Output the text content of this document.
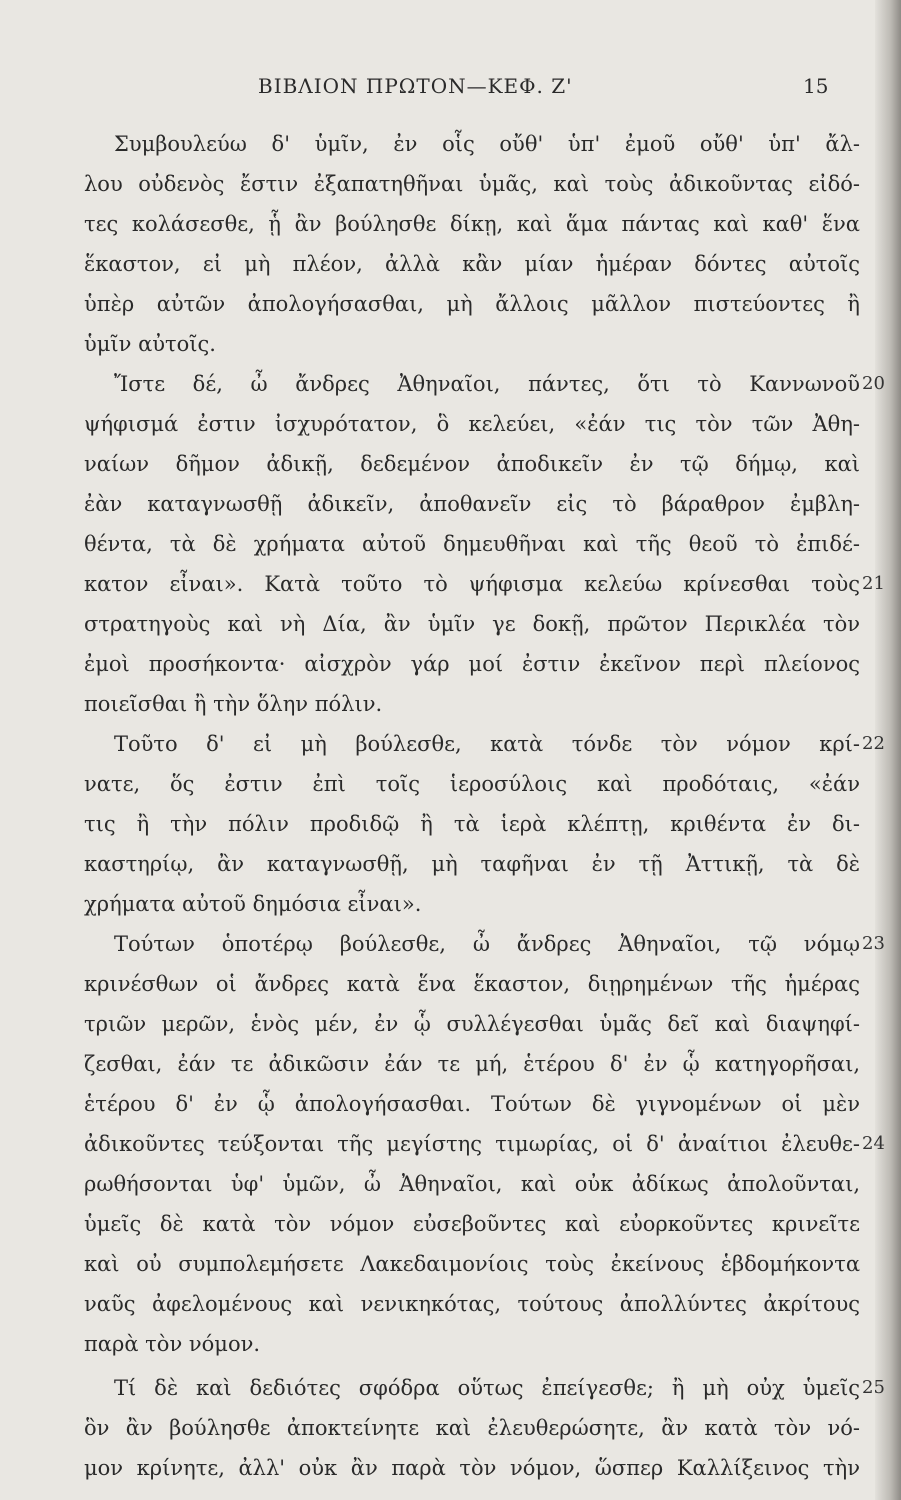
ΒΙΒΛΙΟΝ ΠΡΩΤΟΝ—ΚΕΦ. Ζ'	15
Συμβουλεύω δ' ὑμῖν, ἐν οἷς οὔθ' ὑπ' ἐμοῦ οὔθ' ὑπ' ἄλ-
λου οὐδενὸς ἔστιν ἐξαπατηθῆναι ὑμᾶς, καὶ τοὺς ἀδικοῦντας εἰδό-
τες κολάσεσθε, ᾗ ἂν βούλησθε δίκῃ, καὶ ἅμα πάντας καὶ καθ' ἕνα
ἕκαστον, εἰ μὴ πλέον, ἀλλὰ κἂν μίαν ἡμέραν δόντες αὐτοῖς
ὑπὲρ αὐτῶν ἀπολογήσασθαι, μὴ ἄλλοις μᾶλλον πιστεύοντες ἢ
ὑμῖν αὐτοῖς.
Ἴστε δέ, ὦ ἄνδρες Ἀθηναῖοι, πάντες, ὅτι τὸ Καννωνοῦ
ψήφισμά ἐστιν ἰσχυρότατον, ὃ κελεύει, «ἐάν τις τὸν τῶν Ἀθη-
ναίων δῆμον ἀδικῇ, δεδεμένον ἀποδικεῖν ἐν τῷ δήμῳ, καὶ
ἐὰν καταγνωσθῇ ἀδικεῖν, ἀποθανεῖν εἰς τὸ βάραθρον ἐμβλη-
θέντα, τὰ δὲ χρήματα αὐτοῦ δημευθῆναι καὶ τῆς θεοῦ τὸ ἐπιδέ-
κατον εἶναι». Κατὰ τοῦτο τὸ ψήφισμα κελεύω κρίνεσθαι τοὺς
στρατηγοὺς καὶ νὴ Δία, ἂν ὑμῖν γε δοκῇ, πρῶτον Περικλέα τὸν
ἐμοὶ προσήκοντα· αἰσχρὸν γάρ μοί ἐστιν ἐκεῖνον περὶ πλείονος
ποιεῖσθαι ἢ τὴν ὅλην πόλιν.
Τοῦτο δ' εἰ μὴ βούλεσθε, κατὰ τόνδε τὸν νόμον κρί-
νατε, ὅς ἐστιν ἐπὶ τοῖς ἱεροσύλοις καὶ προδόταις, «ἐάν
τις ἢ τὴν πόλιν προδιδῷ ἢ τὰ ἱερὰ κλέπτῃ, κριθέντα ἐν δι-
καστηρίῳ, ἂν καταγνωσθῇ, μὴ ταφῆναι ἐν τῇ Ἀττικῇ, τὰ δὲ
χρήματα αὐτοῦ δημόσια εἶναι».
Τούτων ὁποτέρῳ βούλεσθε, ὦ ἄνδρες Ἀθηναῖοι, τῷ νόμῳ
κρινέσθων οἱ ἄνδρες κατὰ ἕνα ἕκαστον, διῃρημένων τῆς ἡμέρας
τριῶν μερῶν, ἑνὸς μέν, ἐν ᾧ συλλέγεσθαι ὑμᾶς δεῖ καὶ διαψηφί-
ζεσθαι, ἐάν τε ἀδικῶσιν ἐάν τε μή, ἑτέρου δ' ἐν ᾧ κατηγορῆσαι,
ἑτέρου δ' ἐν ᾧ ἀπολογήσασθαι. Τούτων δὲ γιγνομένων οἱ μὲν
ἀδικοῦντες τεύξονται τῆς μεγίστης τιμωρίας, οἱ δ' ἀναίτιοι ἐλευθε-
ρωθήσονται ὑφ' ὑμῶν, ὦ Ἀθηναῖοι, καὶ οὐκ ἀδίκως ἀπολοῦνται,
ὑμεῖς δὲ κατὰ τὸν νόμον εὐσεβοῦντες καὶ εὐορκοῦντες κρινεῖτε
καὶ οὐ συμπολεμήσετε Λακεδαιμονίοις τοὺς ἐκείνους ἑβδομήκοντα
ναῦς ἀφελομένους καὶ νενικηκότας, τούτους ἀπολλύντες ἀκρίτους
παρὰ τὸν νόμον.
Τί δὲ καὶ δεδιότες σφόδρα οὕτως ἐπείγεσθε; ἢ μὴ οὐχ ὑμεῖς
ὃν ἂν βούλησθε ἀποκτείνητε καὶ ἐλευθερώσητε, ἂν κατὰ τὸν νό-
μον κρίνητε, ἀλλ' οὐκ ἂν παρὰ τὸν νόμον, ὥσπερ Καλλίξεινος τὴν
20
21
22
23
24
25
